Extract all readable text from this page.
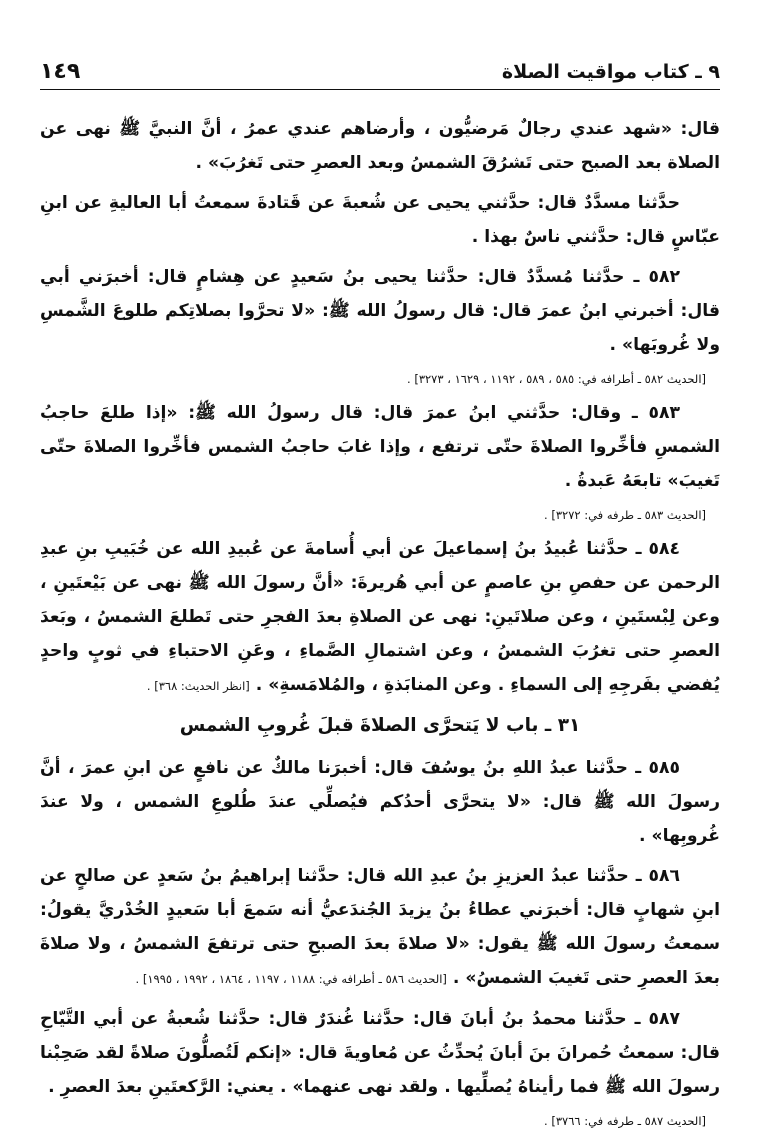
٩ ـ كتاب مواقيت الصلاة
١٤٩

قال: «شهد عندي رجالٌ مَرضيُّون ، وأرضاهم عندي عمرُ ، أنَّ النبيَّ ﷺ نهى عن الصلاة بعد الصبح حتى تَشرُقَ الشمسُ وبعد العصرِ حتى تَغرُبَ» .

حدَّثنا مسدَّدٌ قال: حدَّثني يحيى عن شُعبةَ عن قَتادةَ سمعتُ أبا العاليةِ عن ابنِ عبّاسٍ قال: حدَّثني ناسٌ بهذا .

٥٨٢ ـ حدَّثنا مُسدَّدٌ قال: حدَّثنا يحيى بنُ سَعيدٍ عن هِشامٍ قال: أخبرَني أبي قال: أخبرني ابنُ عمرَ قال: قال رسولُ الله ﷺ: «لا تحرَّوا بصلاتِكم طلوعَ الشَّمسِ ولا غُروبَها» .

[الحديث ٥٨٢ ـ أطرافه في: ٥٨٥ ، ٥٨٩ ، ١١٩٢ ، ١٦٢٩ ، ٣٢٧٣] .

٥٨٣ ـ وقال: حدَّثني ابنُ عمرَ قال: قال رسولُ الله ﷺ: «إذا طلعَ حاجبُ الشمسِ فأخِّروا الصلاةَ حتّى ترتفع ، وإذا غابَ حاجبُ الشمس فأخِّروا الصلاةَ حتّى تَغيبَ» تابعَهُ عَبدةُ .

[الحديث ٥٨٣ ـ طرفه في: ٣٢٧٢] .

٥٨٤ ـ حدَّثنا عُبيدُ بنُ إسماعيلَ عن أبي أُسامةَ عن عُبيدِ الله عن خُبَيبِ بنِ عبدِ الرحمن عن حفصِ بنِ عاصمٍ عن أبي هُريرةَ: «أنَّ رسولَ الله ﷺ نهى عن بَيْعتَينِ ، وعن لِبْستَينِ ، وعن صلاتَينِ: نهى عن الصلاةِ بعدَ الفجرِ حتى تَطلعَ الشمسُ ، وبَعدَ العصرِ حتى تغرُبَ الشمسُ ، وعن اشتمالِ الصَّماءِ ، وعَنِ الاحتباءِ في ثوبٍ واحدٍ يُفضي بفَرجِهِ إلى السماءِ . وعن المنابَذةِ ، والمُلامَسةِ» . [انظر الحديث: ٣٦٨] .

٣١ ـ باب لا يَتحرَّى الصلاةَ قبلَ غُروبِ الشمس

٥٨٥ ـ حدَّثنا عبدُ اللهِ بنُ يوسُفَ قال: أخبرَنا مالكٌ عن نافعٍ عن ابنِ عمرَ ، أنَّ رسولَ الله ﷺ قال: «لا يتحرَّى أحدُكم فيُصلِّي عندَ طُلوعِ الشمس ، ولا عندَ غُروبِها» .

٥٨٦ ـ حدَّثنا عبدُ العزيزِ بنُ عبدِ الله قال: حدَّثنا إبراهيمُ بنُ سَعدٍ عن صالحٍ عن ابنِ شهابٍ قال: أخبرَني عطاءُ بنُ يزيدَ الجُندَعيُّ أنه سَمعَ أبا سَعيدٍ الخُدْريَّ يقولُ: سمعتُ رسولَ الله ﷺ يقول: «لا صلاةَ بعدَ الصبحِ حتى ترتفعَ الشمسُ ، ولا صلاةَ بعدَ العصرِ حتى تَغيبَ الشمسُ» . [الحديث ٥٨٦ ـ أطرافه في: ١١٨٨ ، ١١٩٧ ، ١٨٦٤ ، ١٩٩٢ ، ١٩٩٥] .

٥٨٧ ـ حدَّثنا محمدُ بنُ أبانَ قال: حدَّثنا غُندَرٌ قال: حدَّثنا شُعبةُ عن أبي التَّيّاحِ قال: سمعتُ حُمرانَ بنَ أبانَ يُحدِّثُ عن مُعاويةَ قال: «إنكم لَتُصلُّونَ صلاةً لقد صَحِبْنا رسولَ الله ﷺ فما رأيناهُ يُصلِّيها . ولقد نهى عنهما» . يعني: الرَّكعتَينِ بعدَ العصرِ .

[الحديث ٥٨٧ ـ طرفه في: ٣٧٦٦] .
